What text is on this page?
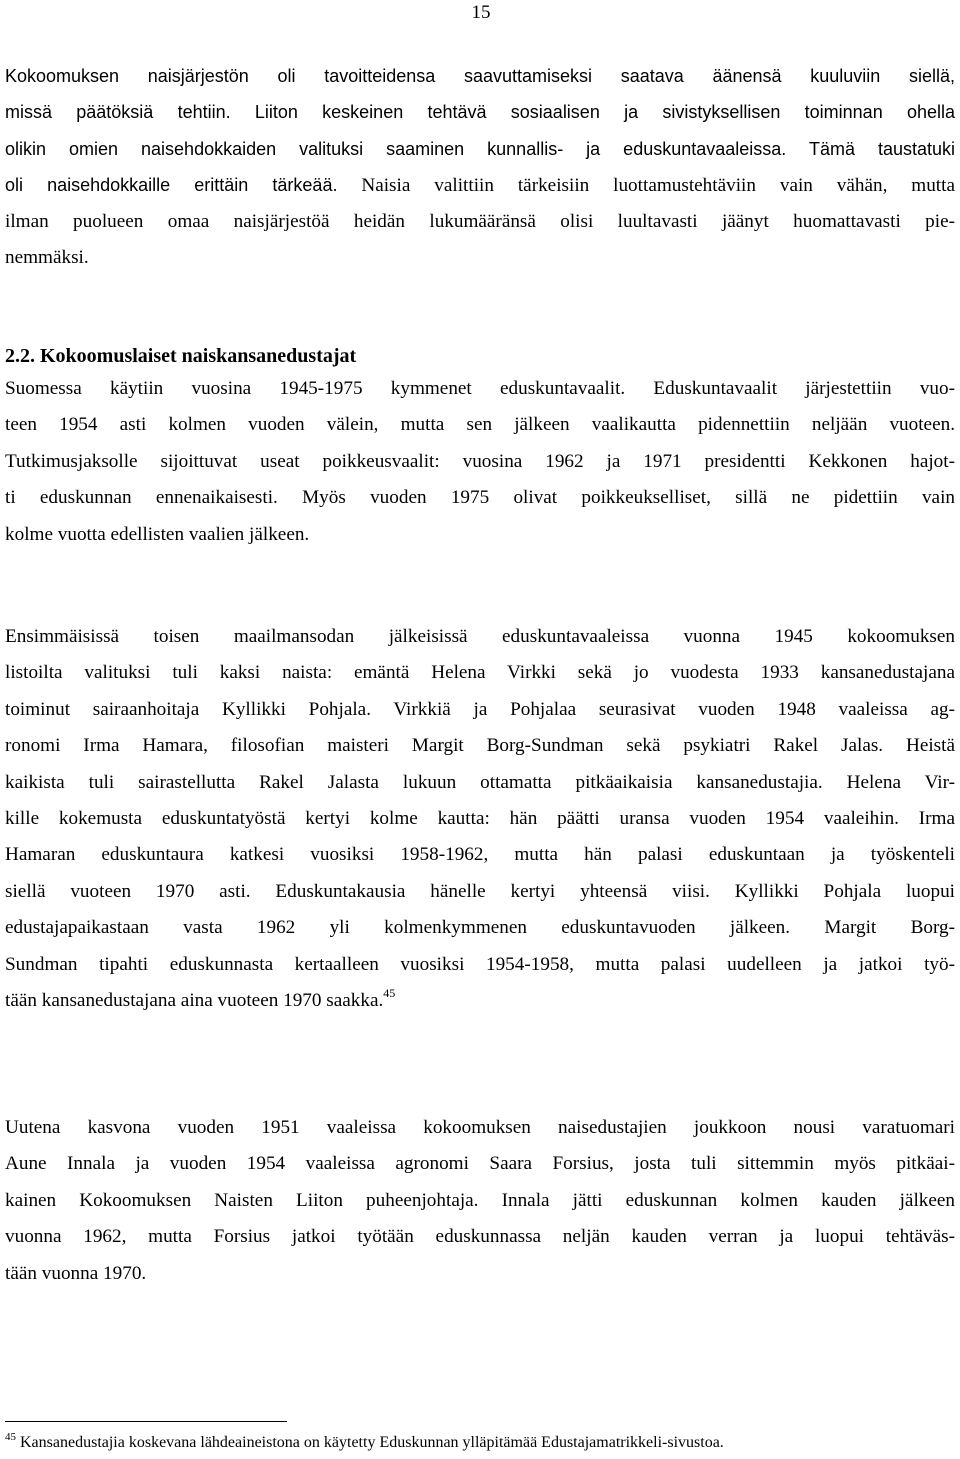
15
Kokoomuksen naisjärjestön oli tavoitteidensa saavuttamiseksi saatava äänensä kuuluviin siellä,
missä päätöksiä tehtiin. Liiton keskeinen tehtävä sosiaalisen ja sivistyksellisen toiminnan ohella
olikin omien naisehdokkaiden valituksi saaminen kunnallis- ja eduskuntavaaleissa. Tämä taustatuki
oli naisehdokkaille erittäin tärkeää. Naisia valittiin tärkeisiin luottamustehtäviin vain vähän, mutta
ilman puolueen omaa naisjärjestöä heidän lukumääränsä olisi luultavasti jäänyt huomattavasti pie-
nemmäksi.
2.2. Kokoomuslaiset naiskansanedustajat
Suomessa käytiin vuosina 1945-1975 kymmenet eduskuntavaalit. Eduskuntavaalit järjestettiin vuo-
teen 1954 asti kolmen vuoden välein, mutta sen jälkeen vaalikautta pidennettiin neljään vuoteen.
Tutkimusjaksolle sijoittuvat useat poikkeusvaalit: vuosina 1962 ja 1971 presidentti Kekkonen hajot-
ti eduskunnan ennenaikaisesti. Myös vuoden 1975 olivat poikkeukselliset, sillä ne pidettiin vain
kolme vuotta edellisten vaalien jälkeen.
Ensimmäisissä toisen maailmansodan jälkeisissä eduskuntavaaleissa vuonna 1945 kokoomuksen
listoilta valituksi tuli kaksi naista: emäntä Helena Virkki sekä jo vuodesta 1933 kansanedustajana
toiminut sairaanhoitaja Kyllikki Pohjala. Virkkiä ja Pohjalaa seurasivat vuoden 1948 vaaleissa ag-
ronomi Irma Hamara, filosofian maisteri Margit Borg-Sundman sekä psykiatri Rakel Jalas. Heistä
kaikista tuli sairastellutta Rakel Jalasta lukuun ottamatta pitkäaikaisia kansanedustajia. Helena Vir-
kille kokemusta eduskuntatyöstä kertyi kolme kautta: hän päätti uransa vuoden 1954 vaaleihin. Irma
Hamaran eduskuntaura katkesi vuosiksi 1958-1962, mutta hän palasi eduskuntaan ja työskenteli
siellä vuoteen 1970 asti. Eduskuntakausia hänelle kertyi yhteensä viisi. Kyllikki Pohjala luopui
edustajapaikastaan vasta 1962 yli kolmenkymmenen eduskuntavuoden jälkeen. Margit Borg-
Sundman tipahti eduskunnasta kertaalleen vuosiksi 1954-1958, mutta palasi uudelleen ja jatkoi työ-
tään kansanedustajana aina vuoteen 1970 saakka.$^{45}$
Uutena kasvona vuoden 1951 vaaleissa kokoomuksen naisedustajien joukkoon nousi varatuomari
Aune Innala ja vuoden 1954 vaaleissa agronomi Saara Forsius, josta tuli sittemmin myös pitkäai-
kainen Kokoomuksen Naisten Liiton puheenjohtaja. Innala jätti eduskunnan kolmen kauden jälkeen
vuonna 1962, mutta Forsius jatkoi työtään eduskunnassa neljän kauden verran ja luopui tehtäväs-
tään vuonna 1970.
$^{45}$ Kansanedustajia koskevana lähdeaineistona on käytetty Eduskunnan ylläpitämää Edustajamatrikkeli-sivustoa.
